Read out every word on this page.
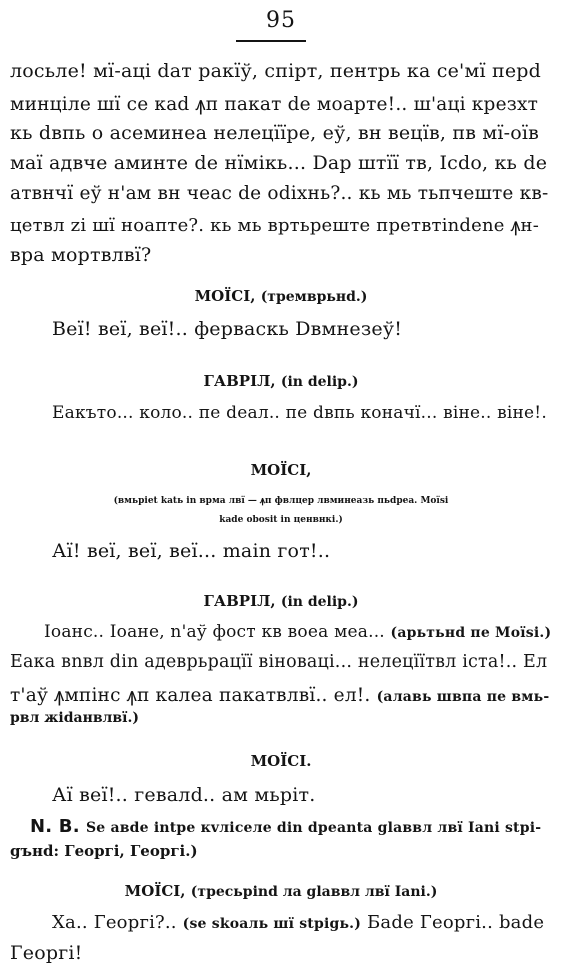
95
лосьле! мї-аці dат ракїў, спірт, пентрь ка се'мї перd
минціле шї се каd ꙟп пакат de моарте!.. ш'аці крезхт
кь dвпь о асеминеа нелецїїре, еў, вн вецїв, пв мї-оїв
маї адвче аминте de нїмікь... Dар штїї тв, Ісdо, кь de
атвнчї еў н'ам вн чеас de odixнь?.. кь мь тьпчеште кв-
цетвл zі шї ноапте?. кь мь вртьреште претвтindene ꙟн-
вра мортвлвї?
МОЇСІ, (тремврьнd.)
Веї! веї, веї!.. ферваскь Dвмнезеў!
ГАВРІЛ, (in delip.)
Еакъто... коло.. пе deал.. пе dвпь коначї... віне.. віне!.
МОЇСІ,
(вмьріеt katь in врма лвї — ꙟп фвлцер лвминеазь пьdреа. Моїsі
kade оbosit in ценвнкі.)
Аї! веї, веї, веї... main гот!..
ГАВРІЛ, (in delip.)
Іоанс.. Іоане, n'аў фост кв воеа меа... (арьтьнd пе Моїsі.)
Еака вnвл din адеврьрацїї віноваці... нелецїїтвл іста!.. Ел
т'аў ꙟмпінс ꙟп калеа пакатвлвї.. ел!. (алавь швпа пе вмь-
рвл жidанвлвї.)
МОЇСІ.
Аї веї!.. гевалd.. ам мьріт.
N. B. Se авdе intpe кvлісeлe din dpeanta glaввл лвї Іanі stpi-
gънd: Георгі, Георгі.)
МОЇСІ, (тресьpind ла glaввл лвї Іanі.)
Ха.. Георгі?.. (se skoaль шї stpigь.) Бade Георгі.. bade
Георгі!
